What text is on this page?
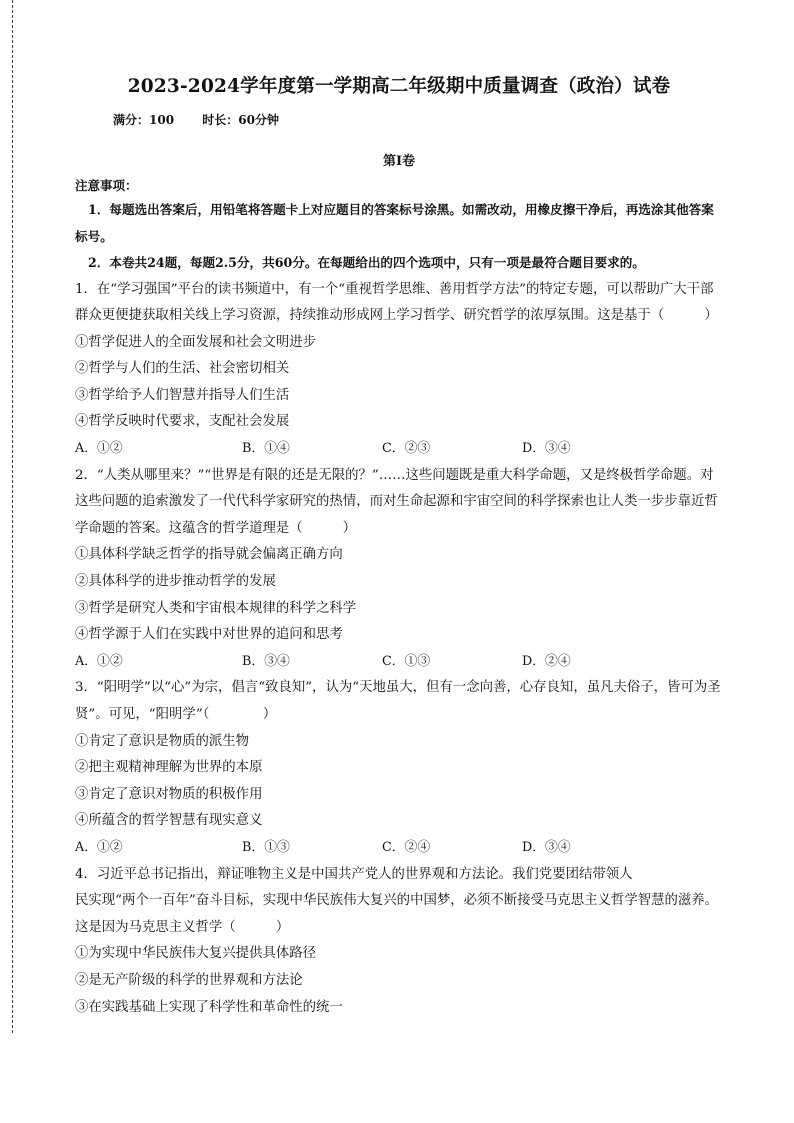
2023-2024学年度第一学期高二年级期中质量调查（政治）试卷
满分：100 时长：60分钟
第Ⅰ卷
注意事项：

1．每题选出答案后，用铅笔将答题卡上对应题目的答案标号涂黑。如需改动，用橡皮擦干净后，再选涂其他答案标号。

2．本卷共24题，每题2.5分，共60分。在每题给出的四个选项中，只有一项是最符合题目要求的。

1．在“学习强国”平台的读书频道中，有一个“重视哲学思维、善用哲学方法”的特定专题，可以帮助广大干部群众更便捷获取相关线上学习资源，持续推动形成网上学习哲学、研究哲学的浓厚氛围。这是基于（　　　）

①哲学促进人的全面发展和社会文明进步

②哲学与人们的生活、社会密切相关

③哲学给予人们智慧并指导人们生活

④哲学反映时代要求，支配社会发展

A．①②	B．①④	C．②③	D．③④

2．“人类从哪里来？”“世界是有限的还是无限的？”……这些问题既是重大科学命题，又是终极哲学命题。对这些问题的追索激发了一代代科学家研究的热情，而对生命起源和宇宙空间的科学探索也让人类一步步靠近哲学命题的答案。这蕴含的哲学道理是（　　　）

①具体科学缺乏哲学的指导就会偏离正确方向

②具体科学的进步推动哲学的发展

③哲学是研究人类和宇宙根本规律的科学之科学

④哲学源于人们在实践中对世界的追问和思考

A．①②	B．③④	C．①③	D．②④

3．“阳明学”以“心”为宗，倡言“致良知”，认为“天地虽大，但有一念向善，心存良知，虽凡夫俗子，皆可为圣贤”。可见，“阳明学”（　　　　）

①肯定了意识是物质的派生物

②把主观精神理解为世界的本原

③肯定了意识对物质的积极作用

④所蕴含的哲学智慧有现实意义

A．①②	B．①③	C．②④	D．③④

4．习近平总书记指出，辩证唯物主义是中国共产党人的世界观和方法论。我们党要团结带领人

民实现“两个一百年”奋斗目标，实现中华民族伟大复兴的中国梦，必须不断接受马克思主义哲学智慧的滋养。这是因为马克思主义哲学（　　　）

①为实现中华民族伟大复兴提供具体路径

②是无产阶级的科学的世界观和方法论

③在实践基础上实现了科学性和革命性的统一
